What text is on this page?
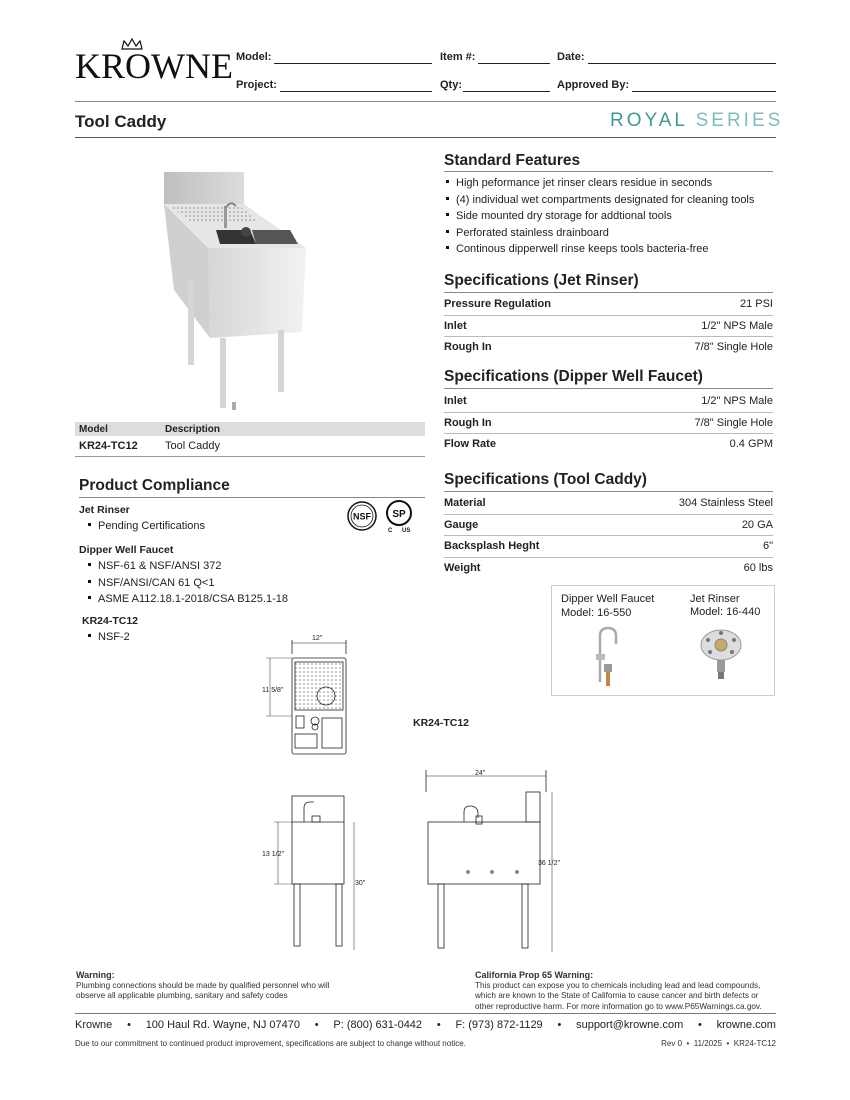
KROWNE Model:	Item #:	Date:
Project:	Qty:	Approved By:
Tool Caddy	ROYAL SERIES
Model	Description
KR24-TC12	Tool Caddy
Product Compliance
Jet Rinser
Pending Certifications
Dipper Well Faucet
NSF-61 & NSF/ANSI 372
NSF/ANSI/CAN 61 Q<1
ASME A112.18.1-2018/CSA B125.1-18
KR24-TC12
NSF-2
NSF SP
C US
Standard Features
High peformance jet rinser clears residue in seconds
(4) individual wet compartments designated for cleaning tools
Side mounted dry storage for addtional tools
Perforated stainless drainboard
Continous dipperwell rinse keeps tools bacteria-free
Specifications (Jet Rinser)
Pressure Regulation	21 PSI
Inlet	1/2" NPS Male
Rough In	7/8" Single Hole
Specifications (Dipper Well Faucet)
Inlet	1/2" NPS Male
Rough In	7/8" Single Hole
Flow Rate	0.4 GPM
Specifications (Tool Caddy)
Material	304 Stainless Steel
Gauge	20 GA
Backsplash Heght	6"
Weight	60 lbs
Dipper Well Faucet
Model: 16-550
Jet Rinser
Model: 16-440
12"
11 5/8"
KR24-TC12
13 1/2"
30"
24"
36 1/2"
Warning:
Plumbing connections should be made by qualified personnel who will
observe all applicable plumbing, sanitary and safety codes
California Prop 65 Warning:
This product can expose you to chemicals including lead and lead compounds,
which are known to the State of California to cause cancer and birth defects or
other reproductive harm. For more information go to www.P65Warnings.ca.gov.
Krowne • 100 Haul Rd. Wayne, NJ 07470 • P: (800) 631-0442 • F: (973) 872-1129 • support@krowne.com • krowne.com
Due to our commitment to continued product improvement, specifications are subject to change without notice.	Rev 0  •  11/2025  •  KR24-TC12
